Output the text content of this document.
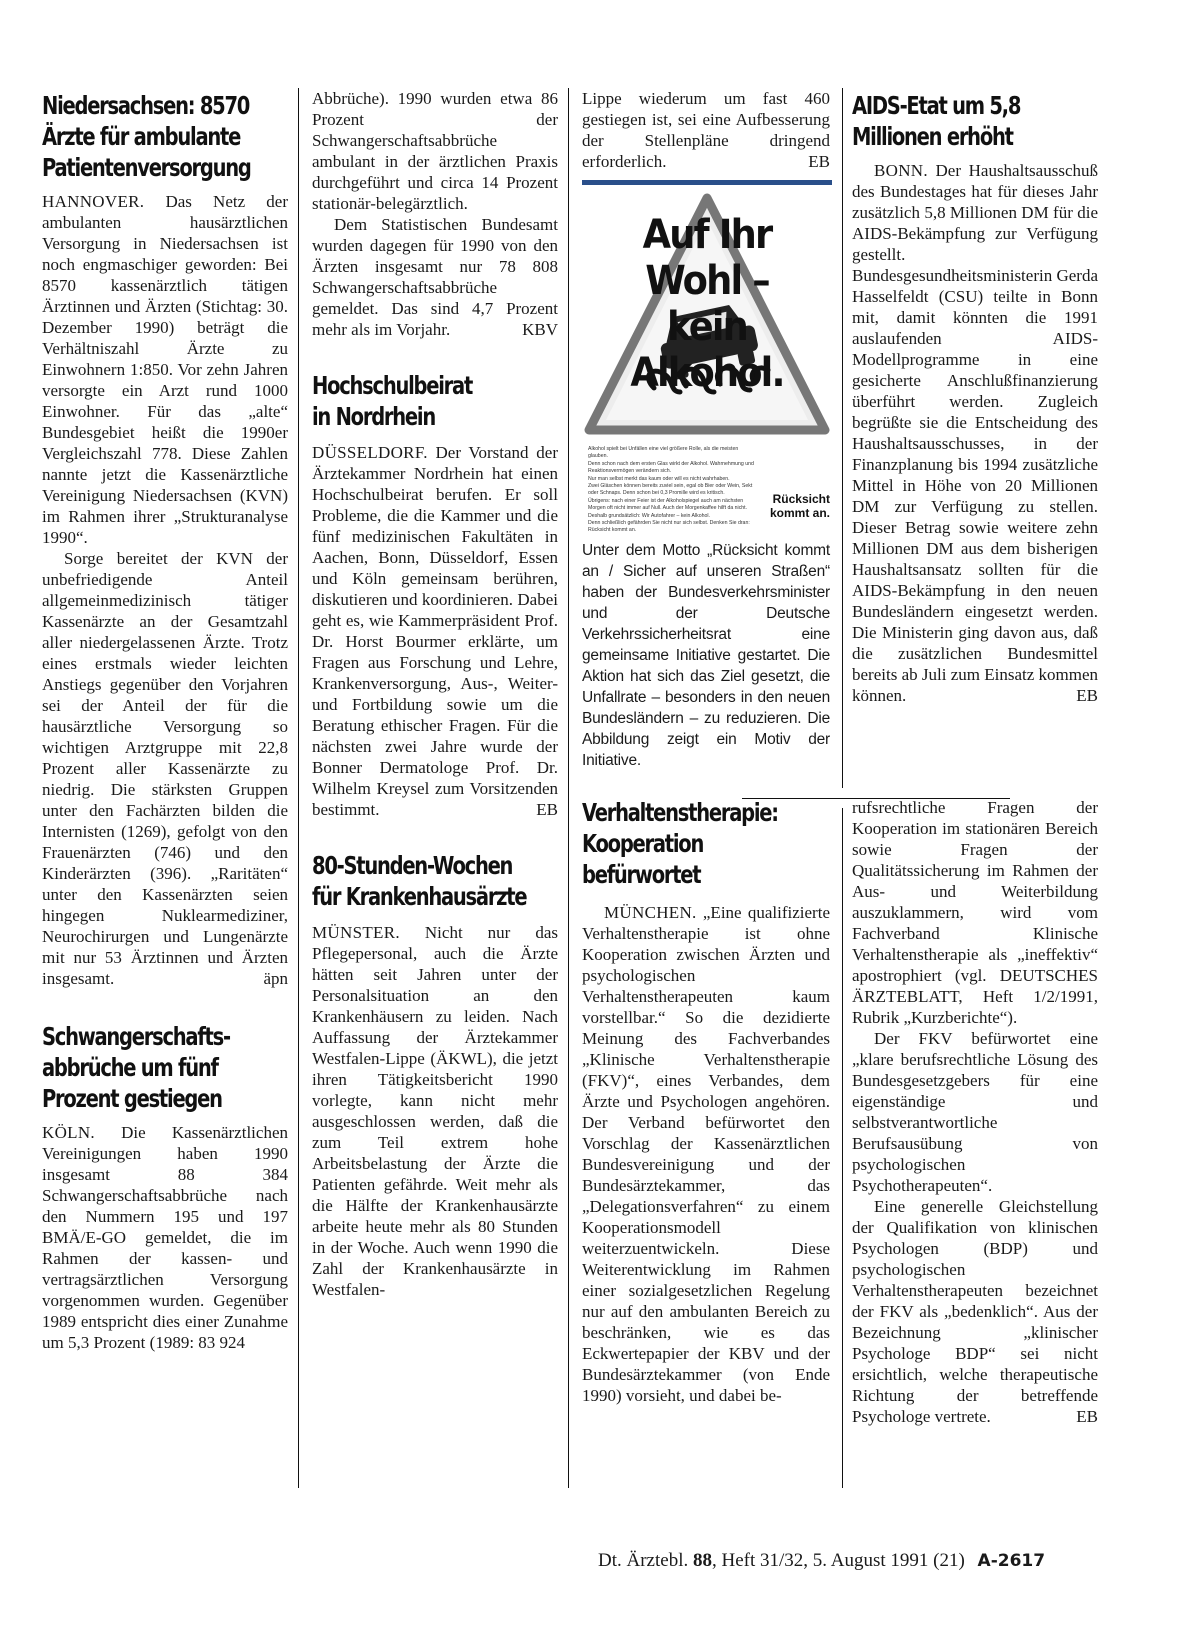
Niedersachsen: 8570
Ärzte für ambulante
Patientenversorgung

HANNOVER. Das Netz der ambulanten hausärztlichen Versorgung in Niedersachsen ist noch engmaschiger geworden: Bei 8570 kassenärztlich tätigen Ärztinnen und Ärzten (Stichtag: 30. Dezember 1990) beträgt die Verhältniszahl Ärzte zu Einwohnern 1:850. Vor zehn Jahren versorgte ein Arzt rund 1000 Einwohner. Für das „alte“ Bundesgebiet heißt die 1990er Vergleichszahl 778. Diese Zahlen nannte jetzt die Kassenärztliche Vereinigung Niedersachsen (KVN) im Rahmen ihrer „Strukturanalyse 1990“.

Sorge bereitet der KVN der unbefriedigende Anteil allgemeinmedizinisch tätiger Kassenärzte an der Gesamtzahl aller niedergelassenen Ärzte. Trotz eines erstmals wieder leichten Anstiegs gegenüber den Vorjahren sei der Anteil der für die hausärztliche Versorgung so wichtigen Arztgruppe mit 22,8 Prozent aller Kassenärzte zu niedrig. Die stärksten Gruppen unter den Fachärzten bilden die Internisten (1269), gefolgt von den Frauenärzten (746) und den Kinderärzten (396). „Raritäten“ unter den Kassenärzten seien hingegen Nuklearmediziner, Neurochirurgen und Lungenärzte mit nur 53 Ärztinnen und Ärzten insgesamt.	äpn

Schwangerschafts-
abbrüche um fünf
Prozent gestiegen

KÖLN. Die Kassenärztlichen Vereinigungen haben 1990 insgesamt 88 384 Schwangerschaftsabbrüche nach den Nummern 195 und 197 BMÄ/E-GO gemeldet, die im Rahmen der kassen- und vertragsärztlichen Versorgung vorgenommen wurden. Gegenüber 1989 entspricht dies einer Zunahme um 5,3 Prozent (1989: 83 924

Abbrüche). 1990 wurden etwa 86 Prozent der Schwangerschaftsabbrüche ambulant in der ärztlichen Praxis durchgeführt und circa 14 Prozent stationär-belegärztlich.

Dem Statistischen Bundesamt wurden dagegen für 1990 von den Ärzten insgesamt nur 78 808 Schwangerschaftsabbrüche gemeldet. Das sind 4,7 Prozent mehr als im Vorjahr.	KBV

Hochschulbeirat
in Nordrhein

DÜSSELDORF. Der Vorstand der Ärztekammer Nordrhein hat einen Hochschulbeirat berufen. Er soll Probleme, die die Kammer und die fünf medizinischen Fakultäten in Aachen, Bonn, Düsseldorf, Essen und Köln gemeinsam berühren, diskutieren und koordinieren. Dabei geht es, wie Kammerpräsident Prof. Dr. Horst Bourmer erklärte, um Fragen aus Forschung und Lehre, Krankenversorgung, Aus-, Weiter- und Fortbildung sowie um die Beratung ethischer Fragen. Für die nächsten zwei Jahre wurde der Bonner Dermatologe Prof. Dr. Wilhelm Kreysel zum Vorsitzenden bestimmt.	EB

80-Stunden-Wochen
für Krankenhausärzte

MÜNSTER. Nicht nur das Pflegepersonal, auch die Ärzte hätten seit Jahren unter der Personalsituation an den Krankenhäusern zu leiden. Nach Auffassung der Ärztekammer Westfalen-Lippe (ÄKWL), die jetzt ihren Tätigkeitsbericht 1990 vorlegte, kann nicht mehr ausgeschlossen werden, daß die zum Teil extrem hohe Arbeitsbelastung der Ärzte die Patienten gefährde. Weit mehr als die Hälfte der Krankenhausärzte arbeite heute mehr als 80 Stunden in der Woche. Auch wenn 1990 die Zahl der Krankenhausärzte in Westfalen-

Lippe wiederum um fast 460 gestiegen ist, sei eine Aufbesserung der Stellenpläne dringend erforderlich.	EB

Auf Ihr Wohl –
kein Alkohol.
Alkohol spielt bei Unfällen eine viel größere Rolle, als die meisten glauben.
Denn schon nach dem ersten Glas wirkt der Alkohol. Wahrnehmung und Reaktionsvermögen verändern sich.
Nur man selbst merkt das kaum oder will es nicht wahrhaben.
Zwei Gläschen können bereits zuviel sein, egal ob Bier oder Wein, Sekt oder Schnaps. Denn schon bei 0,3 Promille wird es kritisch.
Übrigens: nach einer Feier ist der Alkoholspiegel auch am nächsten Morgen oft nicht immer auf Null. Auch der Morgenkaffee hilft da nicht. Deshalb grundsätzlich: Wir Autofahrer – kein Alkohol.
Denn schließlich gefährden Sie nicht nur sich selbst. Denken Sie dran: Rücksicht kommt an.
Rücksicht
kommt an.
Unter dem Motto „Rücksicht kommt an / Sicher auf unseren Straßen“ haben der Bundesverkehrsminister und der Deutsche Verkehrssicherheitsrat eine gemeinsame Initiative gestartet. Die Aktion hat sich das Ziel gesetzt, die Unfallrate – besonders in den neuen Bundesländern – zu reduzieren. Die Abbildung zeigt ein Motiv der Initiative.
Verhaltenstherapie:
Kooperation
befürwortet

MÜNCHEN. „Eine qualifizierte Verhaltenstherapie ist ohne Kooperation zwischen Ärzten und psychologischen Verhaltenstherapeuten kaum vorstellbar.“ So die dezidierte Meinung des Fachverbandes „Klinische Verhaltenstherapie (FKV)“, eines Verbandes, dem Ärzte und Psychologen angehören. Der Verband befürwortet den Vorschlag der Kassenärztlichen Bundesvereinigung und der Bundesärztekammer, das „Delegationsverfahren“ zu einem Kooperationsmodell weiterzuentwickeln. Diese Weiterentwicklung im Rahmen einer sozialgesetzlichen Regelung nur auf den ambulanten Bereich zu beschränken, wie es das Eckwertepapier der KBV und der Bundesärztekammer (von Ende 1990) vorsieht, und dabei be-

AIDS-Etat um 5,8
Millionen erhöht

BONN. Der Haushaltsausschuß des Bundestages hat für dieses Jahr zusätzlich 5,8 Millionen DM für die AIDS-Bekämpfung zur Verfügung gestellt. Bundesgesundheitsministerin Gerda Hasselfeldt (CSU) teilte in Bonn mit, damit könnten die 1991 auslaufenden AIDS-Modellprogramme in eine gesicherte Anschlußfinanzierung überführt werden. Zugleich begrüßte sie die Entscheidung des Haushaltsausschusses, in der Finanzplanung bis 1994 zusätzliche Mittel in Höhe von 20 Millionen DM zur Verfügung zu stellen. Dieser Betrag sowie weitere zehn Millionen DM aus dem bisherigen Haushaltsansatz sollten für die AIDS-Bekämpfung in den neuen Bundesländern eingesetzt werden. Die Ministerin ging davon aus, daß die zusätzlichen Bundesmittel bereits ab Juli zum Einsatz kommen können.	EB

rufsrechtliche Fragen der Kooperation im stationären Bereich sowie Fragen der Qualitätssicherung im Rahmen der Aus- und Weiterbildung auszuklammern, wird vom Fachverband Klinische Verhaltenstherapie als „ineffektiv“ apostrophiert (vgl. DEUTSCHES ÄRZTEBLATT, Heft 1/2/1991, Rubrik „Kurzberichte“).

Der FKV befürwortet eine „klare berufsrechtliche Lösung des Bundesgesetzgebers für eine eigenständige und selbstverantwortliche Berufsausübung von psychologischen Psychotherapeuten“.

Eine generelle Gleichstellung der Qualifikation von klinischen Psychologen (BDP) und psychologischen Verhaltenstherapeuten bezeichnet der FKV als „bedenklich“. Aus der Bezeichnung „klinischer Psychologe BDP“ sei nicht ersichtlich, welche therapeutische Richtung der betreffende Psychologe vertrete.	EB

Dt. Ärztebl. 88, Heft 31/32, 5. August 1991 (21) A-2617
